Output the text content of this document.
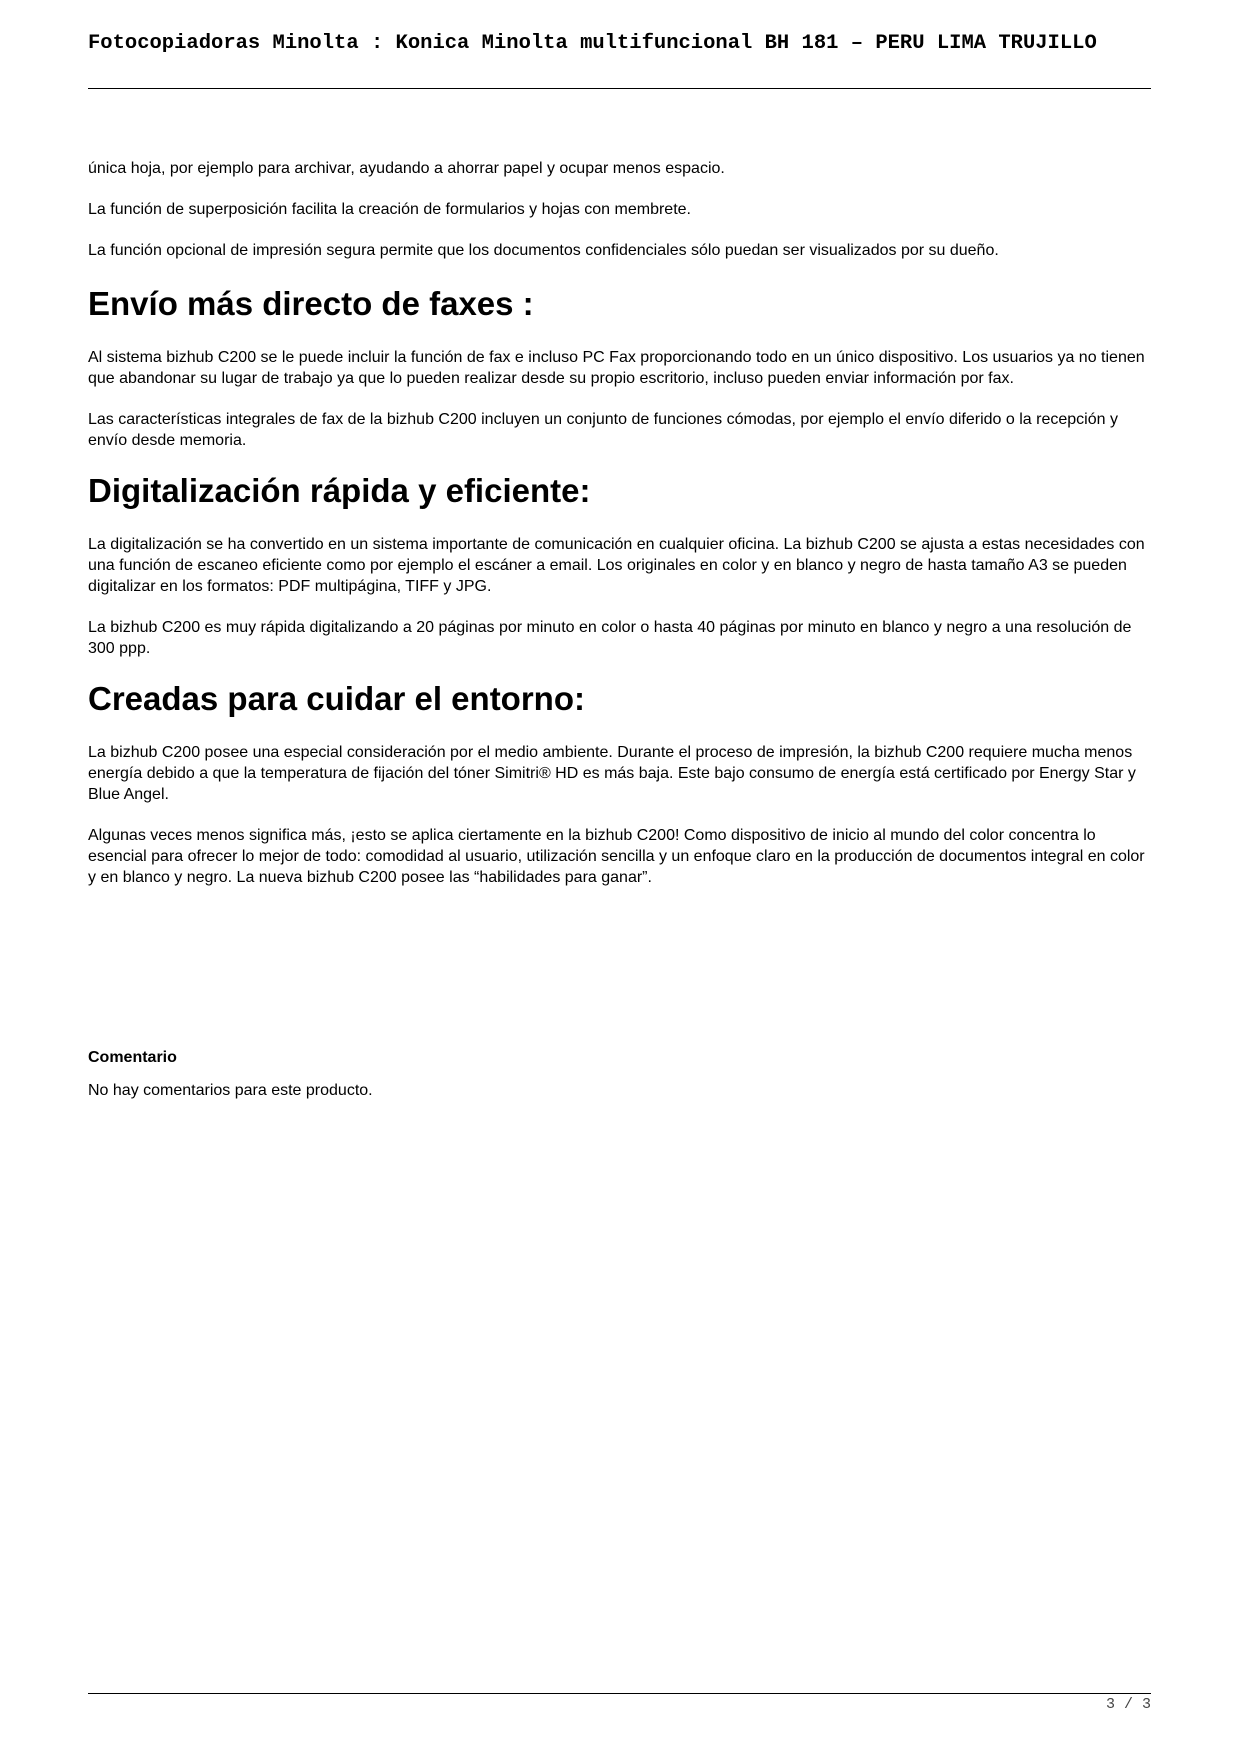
Fotocopiadoras Minolta : Konica Minolta multifuncional BH 181 – PERU LIMA TRUJILLO

única hoja, por ejemplo para archivar, ayudando a ahorrar papel y ocupar menos espacio.

La función de superposición facilita la creación de formularios y hojas con membrete.

La función opcional de impresión segura permite que los documentos confidenciales sólo puedan ser visualizados por su dueño.

Envío más directo de faxes :

Al sistema bizhub C200 se le puede incluir la función de fax e incluso PC Fax proporcionando todo en un único dispositivo. Los usuarios ya no tienen que abandonar su lugar de trabajo ya que lo pueden realizar desde su propio escritorio, incluso pueden enviar información por fax.

Las características integrales de fax de la bizhub C200 incluyen un conjunto de funciones cómodas, por ejemplo el envío diferido o la recepción y envío desde memoria.

Digitalización rápida y eficiente:

La digitalización se ha convertido en un sistema importante de comunicación en cualquier oficina. La bizhub C200 se ajusta a estas necesidades con una función de escaneo eficiente como por ejemplo el escáner a email. Los originales en color y en blanco y negro de hasta tamaño A3 se pueden digitalizar en los formatos: PDF multipágina, TIFF y JPG.

La bizhub C200 es muy rápida digitalizando a 20 páginas por minuto en color o hasta 40 páginas por minuto en blanco y negro a una resolución de 300 ppp.

Creadas para cuidar el entorno:

La bizhub C200 posee una especial consideración por el medio ambiente. Durante el proceso de impresión, la bizhub C200 requiere mucha menos energía debido a que la temperatura de fijación del tóner Simitri® HD es más baja. Este bajo consumo de energía está certificado por Energy Star y Blue Angel.

Algunas veces menos significa más, ¡esto se aplica ciertamente en la bizhub C200! Como dispositivo de inicio al mundo del color concentra lo esencial para ofrecer lo mejor de todo: comodidad al usuario, utilización sencilla y un enfoque claro en la producción de documentos integral en color y en blanco y negro. La nueva bizhub C200 posee las “habilidades para ganar”.

Comentario
No hay comentarios para este producto.
3 / 3
